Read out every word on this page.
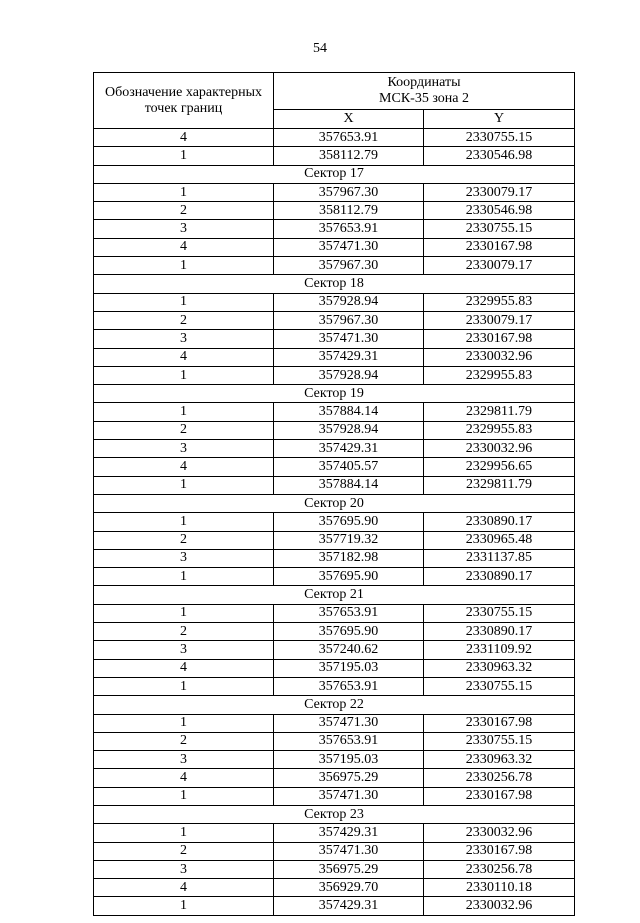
54
Обозначение характерных
точек границ	Координаты
МСК-35 зона 2	
	X	Y
4	357653.91	2330755.15
1	358112.79	2330546.98
Сектор 17		
1	357967.30	2330079.17
2	358112.79	2330546.98
3	357653.91	2330755.15
4	357471.30	2330167.98
1	357967.30	2330079.17
Сектор 18		
1	357928.94	2329955.83
2	357967.30	2330079.17
3	357471.30	2330167.98
4	357429.31	2330032.96
1	357928.94	2329955.83
Сектор 19		
1	357884.14	2329811.79
2	357928.94	2329955.83
3	357429.31	2330032.96
4	357405.57	2329956.65
1	357884.14	2329811.79
Сектор 20		
1	357695.90	2330890.17
2	357719.32	2330965.48
3	357182.98	2331137.85
1	357695.90	2330890.17
Сектор 21		
1	357653.91	2330755.15
2	357695.90	2330890.17
3	357240.62	2331109.92
4	357195.03	2330963.32
1	357653.91	2330755.15
Сектор 22		
1	357471.30	2330167.98
2	357653.91	2330755.15
3	357195.03	2330963.32
4	356975.29	2330256.78
1	357471.30	2330167.98
Сектор 23		
1	357429.31	2330032.96
2	357471.30	2330167.98
3	356975.29	2330256.78
4	356929.70	2330110.18
1	357429.31	2330032.96
